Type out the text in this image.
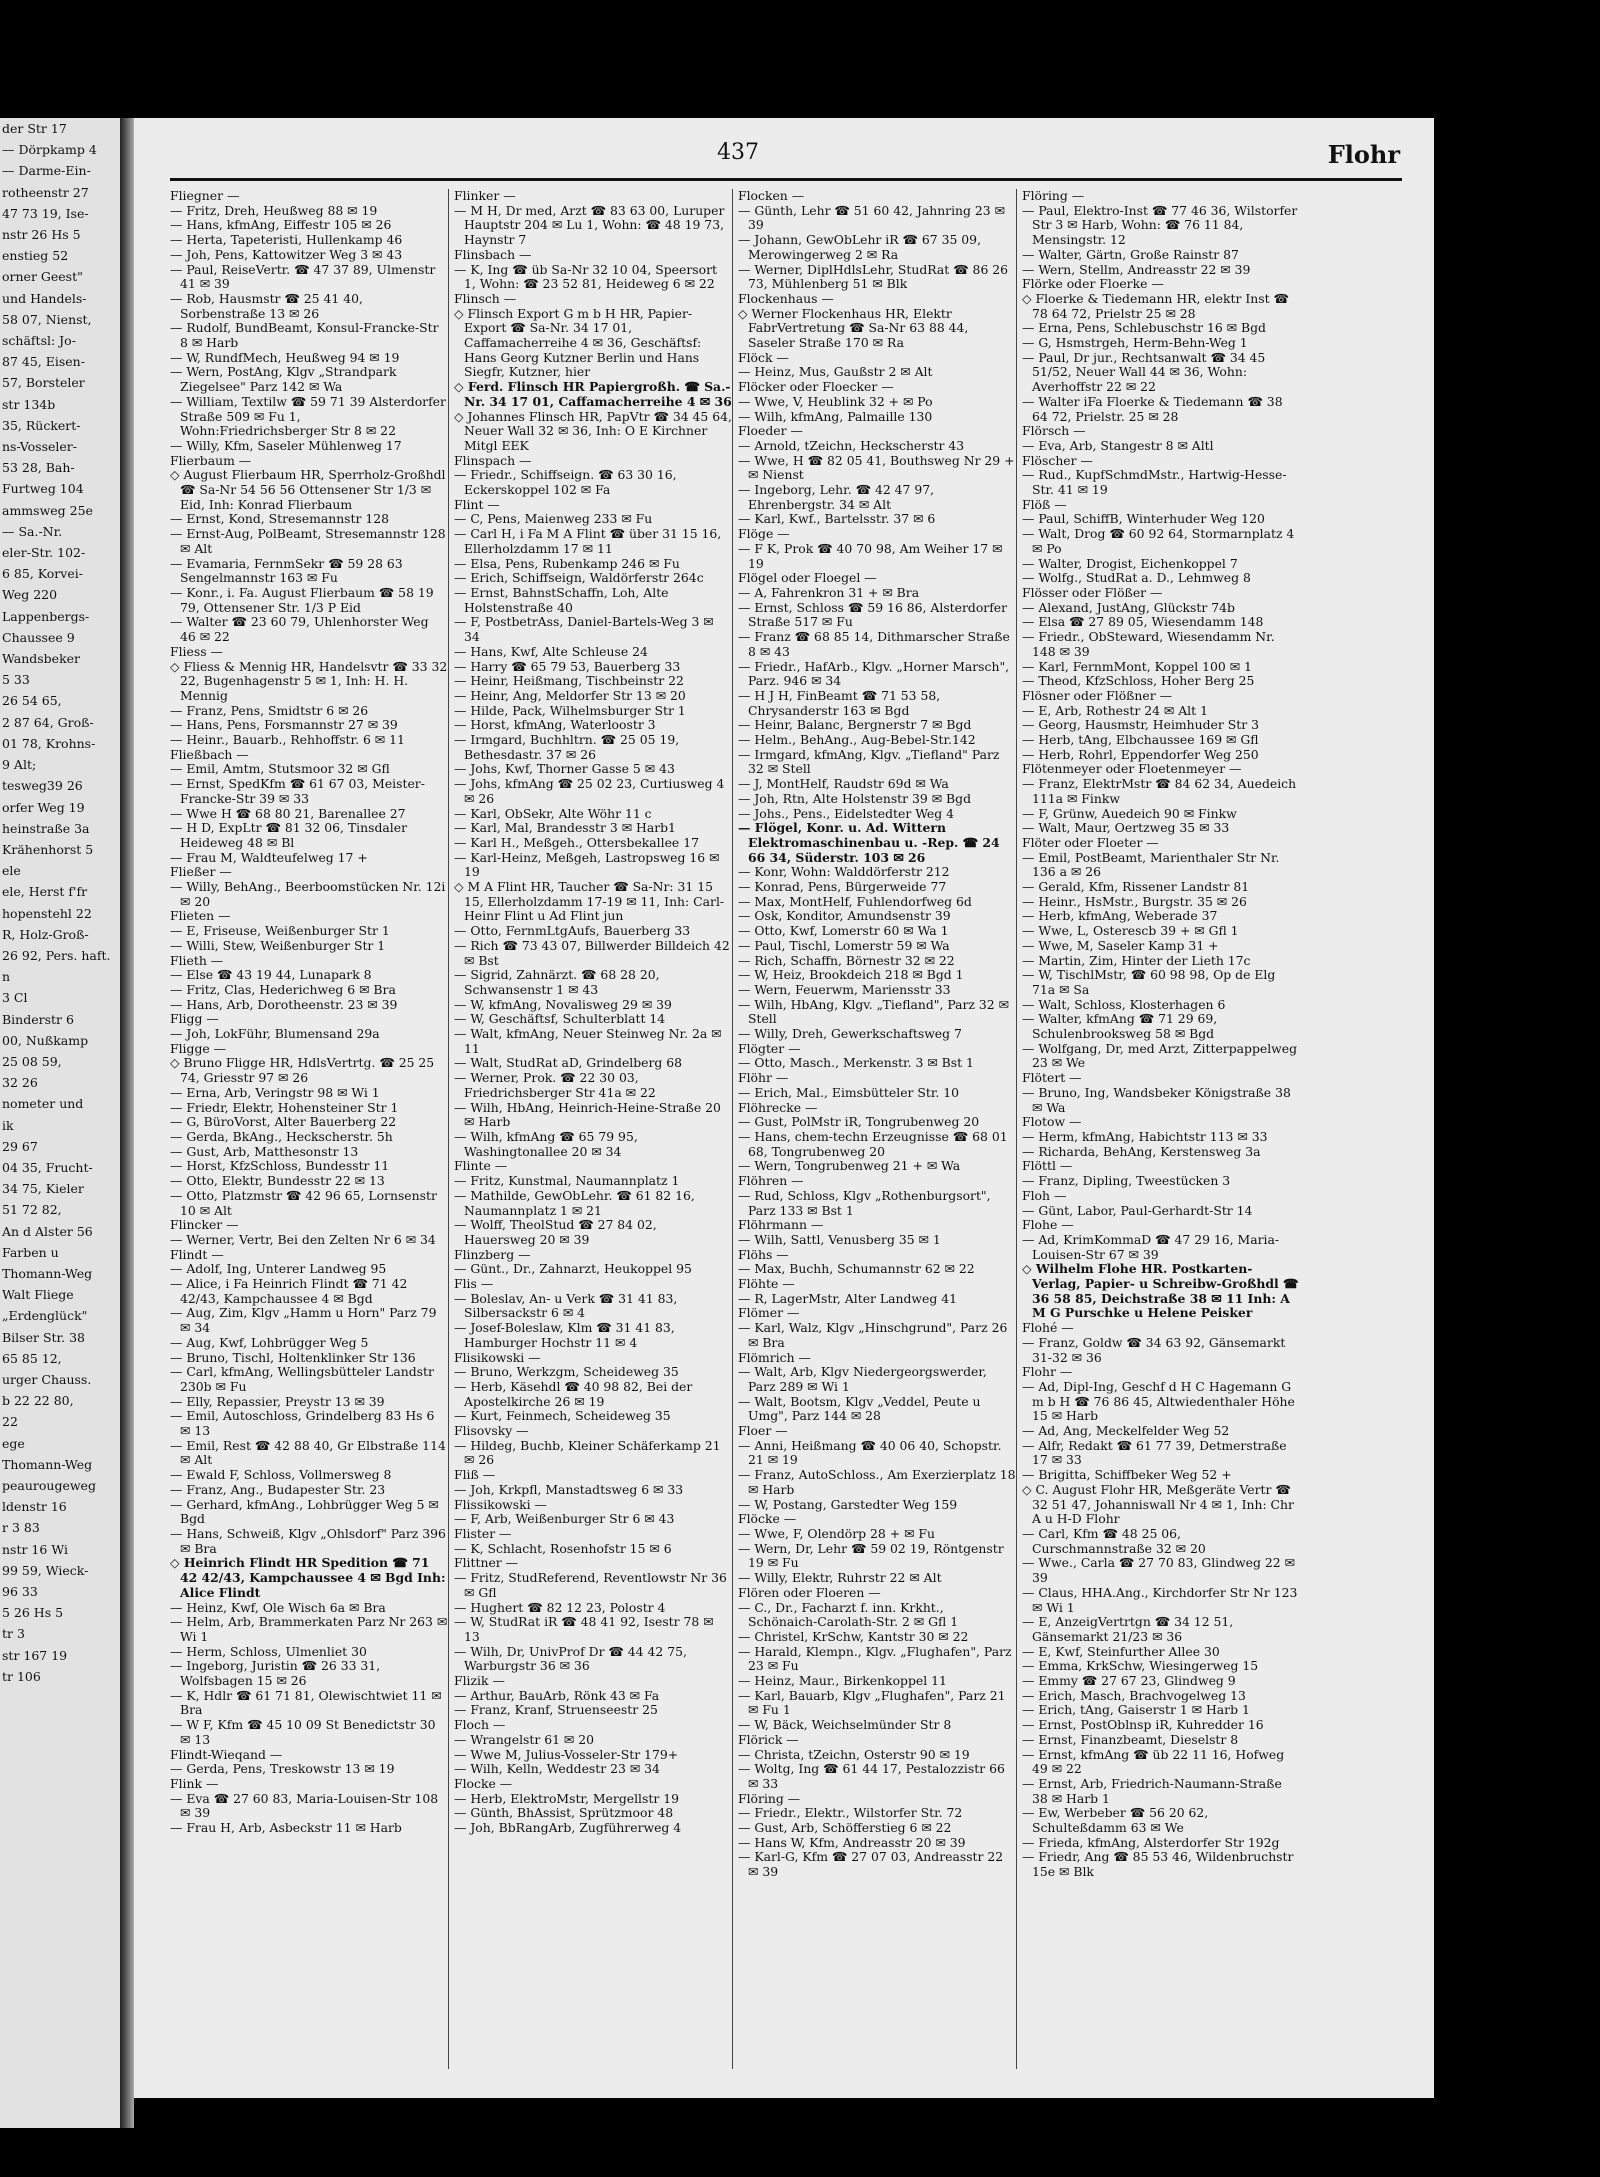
der Str 17
— Dörpkamp 4
— Darme-Ein-
rotheenstr 27
47 73 19, Ise-
nstr 26 Hs 5
enstieg 52
orner Geest"
und Handels-
58 07, Nienst,
schäftsl: Jo-
87 45, Eisen-
57, Borsteler
str 134b
35, Rückert-
ns-Vosseler-
53 28, Bah-
Furtweg 104
ammsweg 25e
— Sa.-Nr.
eler-Str. 102-
6 85, Korvei-
Weg 220
Lappenbergs-
Chaussee 9
Wandsbeker
5 33
26 54 65,
2 87 64, Groß-
01 78, Krohns-
9 Alt;
tesweg39 26
orfer Weg 19
heinstraße 3a
Krähenhorst 5
ele
ele, Herst f'fr
hopenstehl 22
R, Holz-Groß-
26 92, Pers. haft.
n
3 Cl
Binderstr 6
00, Nußkamp
25 08 59,
32 26
nometer und
ik
29 67
04 35, Frucht-
34 75, Kieler
51 72 82,
An d Alster 56
Farben u
Thomann-Weg
Walt Fliege
„Erdenglück"
Bilser Str. 38
65 85 12,
urger Chauss.
b 22 22 80,
22
ege
Thomann-Weg
peaurougeweg
ldenstr 16
r 3 83
nstr 16 Wi
99 59, Wieck-
96 33
5 26 Hs 5
tr 3
str 167 19
tr 106
437	Flohr
Fliegner —
— Fritz, Dreh, Heußweg 88 ✉ 19
— Hans, kfmAng, Eiffestr 105 ✉ 26
— Herta, Tapeteristi, Hullenkamp 46
— Joh, Pens, Kattowitzer Weg 3 ✉ 43
— Paul, ReiseVertr. ☎ 47 37 89, Ulmenstr 41 ✉ 39
— Rob, Hausmstr ☎ 25 41 40, Sorbenstraße 13 ✉ 26
— Rudolf, BundBeamt, Konsul-Francke-Str 8 ✉ Harb
— W, RundfMech, Heußweg 94 ✉ 19
— Wern, PostAng, Klgv „Strandpark Ziegelsee" Parz 142 ✉ Wa
— William, Textilw ☎ 59 71 39 Alsterdorfer Straße 509 ✉ Fu 1, Wohn:Friedrichsberger Str 8 ✉ 22
— Willy, Kfm, Saseler Mühlenweg 17
Flierbaum —
◇ August Flierbaum HR, Sperrholz-Großhdl ☎ Sa-Nr 54 56 56 Ottensener Str 1/3 ✉ Eid, Inh: Konrad Flierbaum
— Ernst, Kond, Stresemannstr 128
— Ernst-Aug, PolBeamt, Stresemannstr 128 ✉ Alt
— Evamaria, FernmSekr ☎ 59 28 63 Sengelmannstr 163 ✉ Fu
— Konr., i. Fa. August Flierbaum ☎ 58 19 79, Ottensener Str. 1/3 P Eid
— Walter ☎ 23 60 79, Uhlenhorster Weg 46 ✉ 22
Fliess —
◇ Fliess & Mennig HR, Handelsvtr ☎ 33 32 22, Bugenhagenstr 5 ✉ 1, Inh: H. H. Mennig
— Franz, Pens, Smidtstr 6 ✉ 26
— Hans, Pens, Forsmannstr 27 ✉ 39
— Heinr., Bauarb., Rehhoffstr. 6 ✉ 11
Fließbach —
— Emil, Amtm, Stutsmoor 32 ✉ Gfl
— Ernst, SpedKfm ☎ 61 67 03, Meister-Francke-Str 39 ✉ 33
— Wwe H ☎ 68 80 21, Barenallee 27
— H D, ExpLtr ☎ 81 32 06, Tinsdaler Heideweg 48 ✉ Bl
— Frau M, Waldteufelweg 17 +
Fließer —
— Willy, BehAng., Beerboomstücken Nr. 12i ✉ 20
Flieten —
— E, Friseuse, Weißenburger Str 1
— Willi, Stew, Weißenburger Str 1
Flieth —
— Else ☎ 43 19 44, Lunapark 8
— Fritz, Clas, Hederichweg 6 ✉ Bra
— Hans, Arb, Dorotheenstr. 23 ✉ 39
Fligg —
— Joh, LokFühr, Blumensand 29a
Fligge —
◇ Bruno Fligge HR, HdlsVertrtg. ☎ 25 25 74, Griesstr 97 ✉ 26
— Erna, Arb, Veringstr 98 ✉ Wi 1
— Friedr, Elektr, Hohensteiner Str 1
— G, BüroVorst, Alter Bauerberg 22
— Gerda, BkAng., Heckscherstr. 5h
— Gust, Arb, Matthesonstr 13
— Horst, KfzSchloss, Bundesstr 11
— Otto, Elektr, Bundesstr 22 ✉ 13
— Otto, Platzmstr ☎ 42 96 65, Lornsenstr 10 ✉ Alt
Flincker —
— Werner, Vertr, Bei den Zelten Nr 6 ✉ 34
Flindt —
— Adolf, Ing, Unterer Landweg 95
— Alice, i Fa Heinrich Flindt ☎ 71 42 42/43, Kampchaussee 4 ✉ Bgd
— Aug, Zim, Klgv „Hamm u Horn" Parz 79 ✉ 34
— Aug, Kwf, Lohbrügger Weg 5
— Bruno, Tischl, Holtenklinker Str 136
— Carl, kfmAng, Wellingsbütteler Landstr 230b ✉ Fu
— Elly, Repassier, Preystr 13 ✉ 39
— Emil, Autoschloss, Grindelberg 83 Hs 6 ✉ 13
— Emil, Rest ☎ 42 88 40, Gr Elbstraße 114 ✉ Alt
— Ewald F, Schloss, Vollmersweg 8
— Franz, Ang., Budapester Str. 23
— Gerhard, kfmAng., Lohbrügger Weg 5 ✉ Bgd
— Hans, Schweiß, Klgv „Ohlsdorf" Parz 396 ✉ Bra
◇ Heinrich Flindt HR Spedition ☎ 71 42 42/43, Kampchaussee 4 ✉ Bgd Inh: Alice Flindt
— Heinz, Kwf, Ole Wisch 6a ✉ Bra
— Helm, Arb, Brammerkaten Parz Nr 263 ✉ Wi 1
— Herm, Schloss, Ulmenliet 30
— Ingeborg, Juristin ☎ 26 33 31, Wolfsbagen 15 ✉ 26
— K, Hdlr ☎ 61 71 81, Olewischtwiet 11 ✉ Bra
— W F, Kfm ☎ 45 10 09 St Benedictstr 30 ✉ 13
Flindt-Wieqand —
— Gerda, Pens, Treskowstr 13 ✉ 19
Flink —
— Eva ☎ 27 60 83, Maria-Louisen-Str 108 ✉ 39
— Frau H, Arb, Asbeckstr 11 ✉ Harb
Flinker —
— M H, Dr med, Arzt ☎ 83 63 00, Luruper Hauptstr 204 ✉ Lu 1, Wohn: ☎ 48 19 73, Haynstr 7
Flinsbach —
— K, Ing ☎ üb Sa-Nr 32 10 04, Speersort 1, Wohn: ☎ 23 52 81, Heideweg 6 ✉ 22
Flinsch —
◇ Flinsch Export G m b H HR, Papier-Export ☎ Sa-Nr. 34 17 01, Caffamacherreihe 4 ✉ 36, Geschäftsf: Hans Georg Kutzner Berlin und Hans Siegfr, Kutzner, hier
◇ Ferd. Flinsch HR Papiergroßh. ☎ Sa.-Nr. 34 17 01, Caffamacherreihe 4 ✉ 36
◇ Johannes Flinsch HR, PapVtr ☎ 34 45 64, Neuer Wall 32 ✉ 36, Inh: O E Kirchner Mitgl EEK
Flinspach —
— Friedr., Schiffseign. ☎ 63 30 16, Eckerskoppel 102 ✉ Fa
Flint —
— C, Pens, Maienweg 233 ✉ Fu
— Carl H, i Fa M A Flint ☎ über 31 15 16, Ellerholzdamm 17 ✉ 11
— Elsa, Pens, Rubenkamp 246 ✉ Fu
— Erich, Schiffseign, Waldörferstr 264c
— Ernst, BahnstSchaffn, Loh, Alte Holstenstraße 40
— F, PostbetrAss, Daniel-Bartels-Weg 3 ✉ 34
— Hans, Kwf, Alte Schleuse 24
— Harry ☎ 65 79 53, Bauerberg 33
— Heinr, Heißmang, Tischbeinstr 22
— Heinr, Ang, Meldorfer Str 13 ✉ 20
— Hilde, Pack, Wilhelmsburger Str 1
— Horst, kfmAng, Waterloostr 3
— Irmgard, Buchhltrn. ☎ 25 05 19, Bethesdastr. 37 ✉ 26
— Johs, Kwf, Thorner Gasse 5 ✉ 43
— Johs, kfmAng ☎ 25 02 23, Curtiusweg 4 ✉ 26
— Karl, ObSekr, Alte Wöhr 11 c
— Karl, Mal, Brandesstr 3 ✉ Harb1
— Karl H., Meßgeh., Ottersbekallee 17
— Karl-Heinz, Meßgeh, Lastropsweg 16 ✉ 19
◇ M A Flint HR, Taucher ☎ Sa-Nr: 31 15 15, Ellerholzdamm 17-19 ✉ 11, Inh: Carl-Heinr Flint u Ad Flint jun
— Otto, FernmLtgAufs, Bauerberg 33
— Rich ☎ 73 43 07, Billwerder Billdeich 42 ✉ Bst
— Sigrid, Zahnärzt. ☎ 68 28 20, Schwansenstr 1 ✉ 43
— W, kfmAng, Novalisweg 29 ✉ 39
— W, Geschäftsf, Schulterblatt 14
— Walt, kfmAng, Neuer Steinweg Nr. 2a ✉ 11
— Walt, StudRat aD, Grindelberg 68
— Werner, Prok. ☎ 22 30 03, Friedrichsberger Str 41a ✉ 22
— Wilh, HbAng, Heinrich-Heine-Straße 20 ✉ Harb
— Wilh, kfmAng ☎ 65 79 95, Washingtonallee 20 ✉ 34
Flinte —
— Fritz, Kunstmal, Naumannplatz 1
— Mathilde, GewObLehr. ☎ 61 82 16, Naumannplatz 1 ✉ 21
— Wolff, TheolStud ☎ 27 84 02, Hauersweg 20 ✉ 39
Flinzberg —
— Günt., Dr., Zahnarzt, Heukoppel 95
Flis —
— Boleslav, An- u Verk ☎ 31 41 83, Silbersackstr 6 ✉ 4
— Josef-Boleslaw, Klm ☎ 31 41 83, Hamburger Hochstr 11 ✉ 4
Flisikowski —
— Bruno, Werkzgm, Scheideweg 35
— Herb, Käsehdl ☎ 40 98 82, Bei der Apostelkirche 26 ✉ 19
— Kurt, Feinmech, Scheideweg 35
Flisovsky —
— Hildeg, Buchb, Kleiner Schäferkamp 21 ✉ 26
Fliß —
— Joh, Krkpfl, Manstadtsweg 6 ✉ 33
Flissikowski —
— F, Arb, Weißenburger Str 6 ✉ 43
Flister —
— K, Schlacht, Rosenhofstr 15 ✉ 6
Flittner —
— Fritz, StudReferend, Reventlowstr Nr 36 ✉ Gfl
— Hughert ☎ 82 12 23, Polostr 4
— W, StudRat iR ☎ 48 41 92, Isestr 78 ✉ 13
— Wilh, Dr, UnivProf Dr ☎ 44 42 75, Warburgstr 36 ✉ 36
Flizik —
— Arthur, BauArb, Rönk 43 ✉ Fa
— Franz, Kranf, Struenseestr 25
Floch —
— Wrangelstr 61 ✉ 20
— Wwe M, Julius-Vosseler-Str 179+
— Wilh, Kelln, Weddestr 23 ✉ 34
Flocke —
— Herb, ElektroMstr, Mergellstr 19
— Günth, BhAssist, Sprützmoor 48
— Joh, BbRangArb, Zugführerweg 4
Flocken —
— Günth, Lehr ☎ 51 60 42, Jahnring 23 ✉ 39
— Johann, GewObLehr iR ☎ 67 35 09, Merowingerweg 2 ✉ Ra
— Werner, DiplHdlsLehr, StudRat ☎ 86 26 73, Mühlenberg 51 ✉ Blk
Flockenhaus —
◇ Werner Flockenhaus HR, Elektr FabrVertretung ☎ Sa-Nr 63 88 44, Saseler Straße 170 ✉ Ra
Flöck —
— Heinz, Mus, Gaußstr 2 ✉ Alt
Flöcker oder Floecker —
— Wwe, V, Heublink 32 + ✉ Po
— Wilh, kfmAng, Palmaille 130
Floeder —
— Arnold, tZeichn, Heckscherstr 43
— Wwe, H ☎ 82 05 41, Bouthsweg Nr 29 + ✉ Nienst
— Ingeborg, Lehr. ☎ 42 47 97, Ehrenbergstr. 34 ✉ Alt
— Karl, Kwf., Bartelsstr. 37 ✉ 6
Flöge —
— F K, Prok ☎ 40 70 98, Am Weiher 17 ✉ 19
Flögel oder Floegel —
— A, Fahrenkron 31 + ✉ Bra
— Ernst, Schloss ☎ 59 16 86, Alsterdorfer Straße 517 ✉ Fu
— Franz ☎ 68 85 14, Dithmarscher Straße 8 ✉ 43
— Friedr., HafArb., Klgv. „Horner Marsch", Parz. 946 ✉ 34
— H J H, FinBeamt ☎ 71 53 58, Chrysanderstr 163 ✉ Bgd
— Heinr, Balanc, Bergnerstr 7 ✉ Bgd
— Helm., BehAng., Aug-Bebel-Str.142
— Irmgard, kfmAng, Klgv. „Tiefland" Parz 32 ✉ Stell
— J, MontHelf, Raudstr 69d ✉ Wa
— Joh, Rtn, Alte Holstenstr 39 ✉ Bgd
— Johs., Pens., Eidelstedter Weg 4
— Flögel, Konr. u. Ad. Wittern Elektromaschinenbau u. -Rep. ☎ 24 66 34, Süderstr. 103 ✉ 26
— Konr, Wohn: Walddörferstr 212
— Konrad, Pens, Bürgerweide 77
— Max, MontHelf, Fuhlendorfweg 6d
— Osk, Konditor, Amundsenstr 39
— Otto, Kwf, Lomerstr 60 ✉ Wa 1
— Paul, Tischl, Lomerstr 59 ✉ Wa
— Rich, Schaffn, Börnestr 32 ✉ 22
— W, Heiz, Brookdeich 218 ✉ Bgd 1
— Wern, Feuerwm, Mariensstr 33
— Wilh, HbAng, Klgv. „Tiefland", Parz 32 ✉ Stell
— Willy, Dreh, Gewerkschaftsweg 7
Flögter —
— Otto, Masch., Merkenstr. 3 ✉ Bst 1
Flöhr —
— Erich, Mal., Eimsbütteler Str. 10
Flöhrecke —
— Gust, PolMstr iR, Tongrubenweg 20
— Hans, chem-techn Erzeugnisse ☎ 68 01 68, Tongrubenweg 20
— Wern, Tongrubenweg 21 + ✉ Wa
Flöhren —
— Rud, Schloss, Klgv „Rothenburgsort", Parz 133 ✉ Bst 1
Flöhrmann —
— Wilh, Sattl, Venusberg 35 ✉ 1
Flöhs —
— Max, Buchh, Schumannstr 62 ✉ 22
Flöhte —
— R, LagerMstr, Alter Landweg 41
Flömer —
— Karl, Walz, Klgv „Hinschgrund", Parz 26 ✉ Bra
Flömrich —
— Walt, Arb, Klgv Niedergeorgswerder, Parz 289 ✉ Wi 1
— Walt, Bootsm, Klgv „Veddel, Peute u Umg", Parz 144 ✉ 28
Floer —
— Anni, Heißmang ☎ 40 06 40, Schopstr. 21 ✉ 19
— Franz, AutoSchloss., Am Exerzierplatz 18 ✉ Harb
— W, Postang, Garstedter Weg 159
Flöcke —
— Wwe, F, Olendörp 28 + ✉ Fu
— Wern, Dr, Lehr ☎ 59 02 19, Röntgenstr 19 ✉ Fu
— Willy, Elektr, Ruhrstr 22 ✉ Alt
Flören oder Floeren —
— C., Dr., Facharzt f. inn. Krkht., Schönaich-Carolath-Str. 2 ✉ Gfl 1
— Christel, KrSchw, Kantstr 30 ✉ 22
— Harald, Klempn., Klgv. „Flughafen", Parz 23 ✉ Fu
— Heinz, Maur., Birkenkoppel 11
— Karl, Bauarb, Klgv „Flughafen", Parz 21 ✉ Fu 1
— W, Bäck, Weichselmünder Str 8
Flörick —
— Christa, tZeichn, Osterstr 90 ✉ 19
— Woltg, Ing ☎ 61 44 17, Pestalozzistr 66 ✉ 33
Flöring —
— Friedr., Elektr., Wilstorfer Str. 72
— Gust, Arb, Schöfferstieg 6 ✉ 22
— Hans W, Kfm, Andreasstr 20 ✉ 39
— Karl-G, Kfm ☎ 27 07 03, Andreasstr 22 ✉ 39
Flöring —
— Paul, Elektro-Inst ☎ 77 46 36, Wilstorfer Str 3 ✉ Harb, Wohn: ☎ 76 11 84, Mensingstr. 12
— Walter, Gärtn, Große Rainstr 87
— Wern, Stellm, Andreasstr 22 ✉ 39
Flörke oder Floerke —
◇ Floerke & Tiedemann HR, elektr Inst ☎ 78 64 72, Prielstr 25 ✉ 28
— Erna, Pens, Schlebuschstr 16 ✉ Bgd
— G, Hsmstrgeh, Herm-Behn-Weg 1
— Paul, Dr jur., Rechtsanwalt ☎ 34 45 51/52, Neuer Wall 44 ✉ 36, Wohn: Averhoffstr 22 ✉ 22
— Walter iFa Floerke & Tiedemann ☎ 38 64 72, Prielstr. 25 ✉ 28
Flörsch —
— Eva, Arb, Stangestr 8 ✉ Altl
Flöscher —
— Rud., KupfSchmdMstr., Hartwig-Hesse-Str. 41 ✉ 19
Flöß —
— Paul, SchiffB, Winterhuder Weg 120
— Walt, Drog ☎ 60 92 64, Stormarnplatz 4 ✉ Po
— Walter, Drogist, Eichenkoppel 7
— Wolfg., StudRat a. D., Lehmweg 8
Flösser oder Flößer —
— Alexand, JustAng, Glückstr 74b
— Elsa ☎ 27 89 05, Wiesendamm 148
— Friedr., ObSteward, Wiesendamm Nr. 148 ✉ 39
— Karl, FernmMont, Koppel 100 ✉ 1
— Theod, KfzSchloss, Hoher Berg 25
Flösner oder Flößner —
— E, Arb, Rothestr 24 ✉ Alt 1
— Georg, Hausmstr, Heimhuder Str 3
— Herb, tAng, Elbchaussee 169 ✉ Gfl
— Herb, Rohrl, Eppendorfer Weg 250
Flötenmeyer oder Floetenmeyer —
— Franz, ElektrMstr ☎ 84 62 34, Auedeich 111a ✉ Finkw
— F, Grünw, Auedeich 90 ✉ Finkw
— Walt, Maur, Oertzweg 35 ✉ 33
Flöter oder Floeter —
— Emil, PostBeamt, Marienthaler Str Nr. 136 a ✉ 26
— Gerald, Kfm, Rissener Landstr 81
— Heinr., HsMstr., Burgstr. 35 ✉ 26
— Herb, kfmAng, Weberade 37
— Wwe, L, Osterescb 39 + ✉ Gfl 1
— Wwe, M, Saseler Kamp 31 +
— Martin, Zim, Hinter der Lieth 17c
— W, TischlMstr, ☎ 60 98 98, Op de Elg 71a ✉ Sa
— Walt, Schloss, Klosterhagen 6
— Walter, kfmAng ☎ 71 29 69, Schulenbrooksweg 58 ✉ Bgd
— Wolfgang, Dr, med Arzt, Zitterpappelweg 23 ✉ We
Flötert —
— Bruno, Ing, Wandsbeker Königstraße 38 ✉ Wa
Flotow —
— Herm, kfmAng, Habichtstr 113 ✉ 33
— Richarda, BehAng, Kerstensweg 3a
Flöttl —
— Franz, Dipling, Tweestücken 3
Floh —
— Günt, Labor, Paul-Gerhardt-Str 14
Flohe —
— Ad, KrimKommaD ☎ 47 29 16, Maria-Louisen-Str 67 ✉ 39
◇ Wilhelm Flohe HR. Postkarten-Verlag, Papier- u Schreibw-Großhdl ☎ 36 58 85, Deichstraße 38 ✉ 11 Inh: A M G Purschke u Helene Peisker
Flohé —
— Franz, Goldw ☎ 34 63 92, Gänsemarkt 31-32 ✉ 36
Flohr —
— Ad, Dipl-Ing, Geschf d H C Hagemann G m b H ☎ 76 86 45, Altwiedenthaler Höhe 15 ✉ Harb
— Ad, Ang, Meckelfelder Weg 52
— Alfr, Redakt ☎ 61 77 39, Detmerstraße 17 ✉ 33
— Brigitta, Schiffbeker Weg 52 +
◇ C. August Flohr HR, Meßgeräte Vertr ☎ 32 51 47, Johanniswall Nr 4 ✉ 1, Inh: Chr A u H-D Flohr
— Carl, Kfm ☎ 48 25 06, Curschmannstraße 32 ✉ 20
— Wwe., Carla ☎ 27 70 83, Glindweg 22 ✉ 39
— Claus, HHA.Ang., Kirchdorfer Str Nr 123 ✉ Wi 1
— E, AnzeigVertrtgn ☎ 34 12 51, Gänsemarkt 21/23 ✉ 36
— E, Kwf, Steinfurther Allee 30
— Emma, KrkSchw, Wiesingerweg 15
— Emmy ☎ 27 67 23, Glindweg 9
— Erich, Masch, Brachvogelweg 13
— Erich, tAng, Gaiserstr 1 ✉ Harb 1
— Ernst, PostOblnsp iR, Kuhredder 16
— Ernst, Finanzbeamt, Dieselstr 8
— Ernst, kfmAng ☎ üb 22 11 16, Hofweg 49 ✉ 22
— Ernst, Arb, Friedrich-Naumann-Straße 38 ✉ Harb 1
— Ew, Werbeber ☎ 56 20 62, Schulteßdamm 63 ✉ We
— Frieda, kfmAng, Alsterdorfer Str 192g
— Friedr, Ang ☎ 85 53 46, Wildenbruchstr 15e ✉ Blk
